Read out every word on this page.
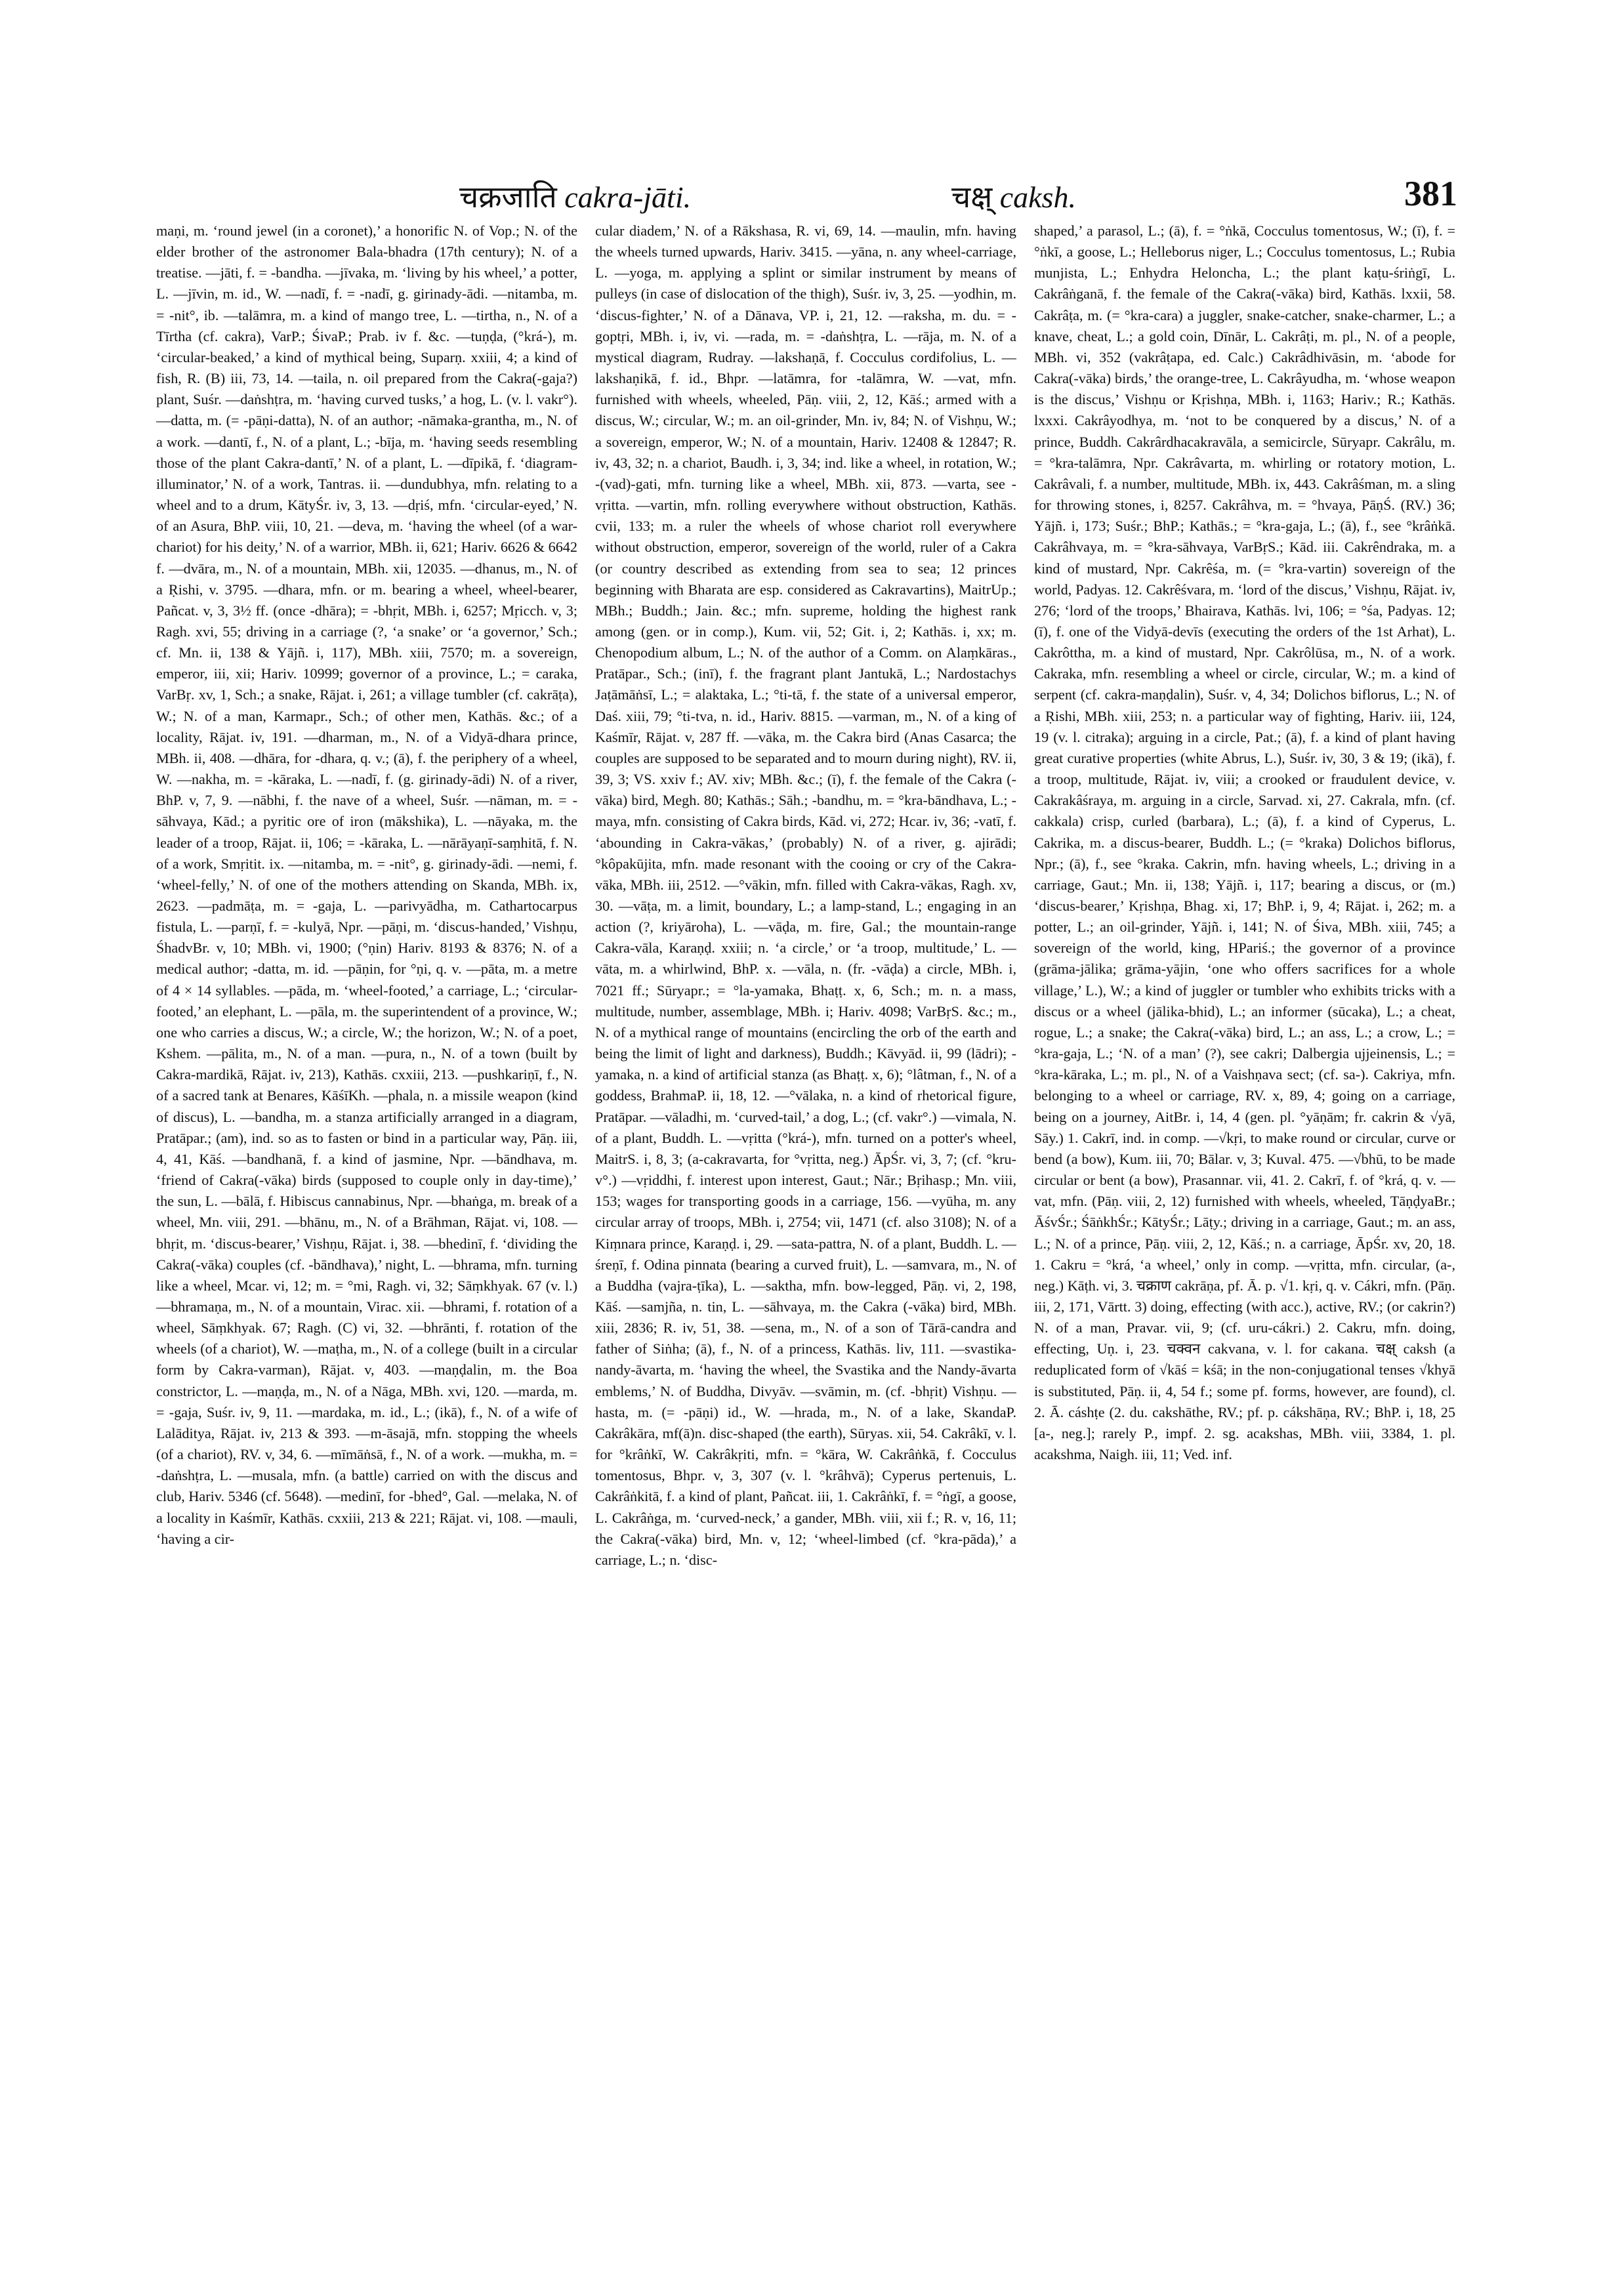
चक्रजाति cakra-jāti.	चक्ष् caksh.	381

maṇi, m. ‘round jewel (in a coronet),’ a honorific N. of Vop.; N. of the elder brother of the astronomer Bala-bhadra (17th century); N. of a treatise. —jāti, f. = -bandha. —jīvaka, m. ‘living by his wheel,’ a potter, L. —jīvin, m. id., W. —nadī, f. = -nadī, g. girinady-ādi. —nitamba, m. = -nit°, ib. —talāmra, m. a kind of mango tree, L. —tirtha, n., N. of a Tīrtha (cf. cakra), VarP.; ŚivaP.; Prab. iv f. &c. —tuṇḍa, (°krá-), m. ‘circular-beaked,’ a kind of mythical being, Suparṇ. xxiii, 4; a kind of fish, R. (B) iii, 73, 14. —taila, n. oil prepared from the Cakra(-gaja?) plant, Suśr. —daṅshṭra, m. ‘having curved tusks,’ a hog, L. (v. l. vakr°). —datta, m. (= -pāṇi-datta), N. of an author; -nāmaka-grantha, m., N. of a work. —dantī, f., N. of a plant, L.; -bīja, m. ‘having seeds resembling those of the plant Cakra-dantī,’ N. of a plant, L. —dīpikā, f. ‘diagram-illuminator,’ N. of a work, Tantras. ii. —dundubhya, mfn. relating to a wheel and to a drum, KātyŚr. iv, 3, 13. —dṛiś, mfn. ‘circular-eyed,’ N. of an Asura, BhP. viii, 10, 21. —deva, m. ‘having the wheel (of a war-chariot) for his deity,’ N. of a warrior, MBh. ii, 621; Hariv. 6626 & 6642 f. —dvāra, m., N. of a mountain, MBh. xii, 12035. —dhanus, m., N. of a Ṛishi, v. 3795. —dhara, mfn. or m. bearing a wheel, wheel-bearer, Pañcat. v, 3, 3½ ff. (once -dhāra); = -bhṛit, MBh. i, 6257; Mṛicch. v, 3; Ragh. xvi, 55; driving in a carriage (?, ‘a snake’ or ‘a governor,’ Sch.; cf. Mn. ii, 138 & Yājñ. i, 117), MBh. xiii, 7570; m. a sovereign, emperor, iii, xii; Hariv. 10999; governor of a province, L.; = caraka, VarBṛ. xv, 1, Sch.; a snake, Rājat. i, 261; a village tumbler (cf. cakrāṭa), W.; N. of a man, Karmapr., Sch.; of other men, Kathās. &c.; of a locality, Rājat. iv, 191. —dharman, m., N. of a Vidyā-dhara prince, MBh. ii, 408. —dhāra, for -dhara, q. v.; (ā), f. the periphery of a wheel, W. —nakha, m. = -kāraka, L. —nadī, f. (g. girinady-ādi) N. of a river, BhP. v, 7, 9. —nābhi, f. the nave of a wheel, Suśr. —nāman, m. = -sāhvaya, Kād.; a pyritic ore of iron (mākshika), L. —nāyaka, m. the leader of a troop, Rājat. ii, 106; = -kāraka, L. —nārāyaṇī-saṃhitā, f. N. of a work, Smṛitit. ix. —nitamba, m. = -nit°, g. girinady-ādi. —nemi, f. ‘wheel-felly,’ N. of one of the mothers attending on Skanda, MBh. ix, 2623. —padmāṭa, m. = -gaja, L. —parivyādha, m. Cathartocarpus fistula, L. —parṇī, f. = -kulyā, Npr. —pāṇi, m. ‘discus-handed,’ Vishṇu, ŚhadvBr. v, 10; MBh. vi, 1900; (°ṇin) Hariv. 8193 & 8376; N. of a medical author; -datta, m. id. —pāṇin, for °ṇi, q. v. —pāta, m. a metre of 4 × 14 syllables. —pāda, m. ‘wheel-footed,’ a carriage, L.; ‘circular-footed,’ an elephant, L. —pāla, m. the superintendent of a province, W.; one who carries a discus, W.; a circle, W.; the horizon, W.; N. of a poet, Kshem. —pālita, m., N. of a man. —pura, n., N. of a town (built by Cakra-mardikā, Rājat. iv, 213), Kathās. cxxiii, 213. —pushkariṇī, f., N. of a sacred tank at Benares, KāśīKh. —phala, n. a missile weapon (kind of discus), L. —bandha, m. a stanza artificially arranged in a diagram, Pratāpar.; (am), ind. so as to fasten or bind in a particular way, Pāṇ. iii, 4, 41, Kāś. —bandhanā, f. a kind of jasmine, Npr. —bāndhava, m. ‘friend of Cakra(-vāka) birds (supposed to couple only in day-time),’ the sun, L. —bālā, f. Hibiscus cannabinus, Npr. —bhaṅga, m. break of a wheel, Mn. viii, 291. —bhānu, m., N. of a Brāhman, Rājat. vi, 108. —bhṛit, m. ‘discus-bearer,’ Vishṇu, Rājat. i, 38. —bhedinī, f. ‘dividing the Cakra(-vāka) couples (cf. -bāndhava),’ night, L. —bhrama, mfn. turning like a wheel, Mcar. vi, 12; m. = °mi, Ragh. vi, 32; Sāṃkhyak. 67 (v. l.) —bhramaṇa, m., N. of a mountain, Virac. xii. —bhrami, f. rotation of a wheel, Sāṃkhyak. 67; Ragh. (C) vi, 32. —bhrānti, f. rotation of the wheels (of a chariot), W. —maṭha, m., N. of a college (built in a circular form by Cakra-varman), Rājat. v, 403. —maṇḍalin, m. the Boa constrictor, L. —maṇḍa, m., N. of a Nāga, MBh. xvi, 120. —marda, m. = -gaja, Suśr. iv, 9, 11. —mardaka, m. id., L.; (ikā), f., N. of a wife of Lalāditya, Rājat. iv, 213 & 393. —m-āsajā, mfn. stopping the wheels (of a chariot), RV. v, 34, 6. —mīmāṅsā, f., N. of a work. —mukha, m. = -daṅshṭra, L. —musala, mfn. (a battle) carried on with the discus and club, Hariv. 5346 (cf. 5648). —medinī, for -bhed°, Gal. —melaka, N. of a locality in Kaśmīr, Kathās. cxxiii, 213 & 221; Rājat. vi, 108. —mauli, ‘having a cir-

cular diadem,’ N. of a Rākshasa, R. vi, 69, 14. —maulin, mfn. having the wheels turned upwards, Hariv. 3415. —yāna, n. any wheel-carriage, L. —yoga, m. applying a splint or similar instrument by means of pulleys (in case of dislocation of the thigh), Suśr. iv, 3, 25. —yodhin, m. ‘discus-fighter,’ N. of a Dānava, VP. i, 21, 12. —raksha, m. du. = -goptṛi, MBh. i, iv, vi. —rada, m. = -daṅshṭra, L. —rāja, m. N. of a mystical diagram, Rudray. —lakshaṇā, f. Cocculus cordifolius, L. —lakshaṇikā, f. id., Bhpr. —latāmra, for -talāmra, W. —vat, mfn. furnished with wheels, wheeled, Pāṇ. viii, 2, 12, Kāś.; armed with a discus, W.; circular, W.; m. an oil-grinder, Mn. iv, 84; N. of Vishṇu, W.; a sovereign, emperor, W.; N. of a mountain, Hariv. 12408 & 12847; R. iv, 43, 32; n. a chariot, Baudh. i, 3, 34; ind. like a wheel, in rotation, W.; -(vad)-gati, mfn. turning like a wheel, MBh. xii, 873. —varta, see -vṛitta. —vartin, mfn. rolling everywhere without obstruction, Kathās. cvii, 133; m. a ruler the wheels of whose chariot roll everywhere without obstruction, emperor, sovereign of the world, ruler of a Cakra (or country described as extending from sea to sea; 12 princes beginning with Bharata are esp. considered as Cakravartins), MaitrUp.; MBh.; Buddh.; Jain. &c.; mfn. supreme, holding the highest rank among (gen. or in comp.), Kum. vii, 52; Git. i, 2; Kathās. i, xx; m. Chenopodium album, L.; N. of the author of a Comm. on Alaṃkāras., Pratāpar., Sch.; (inī), f. the fragrant plant Jantukā, L.; Nardostachys Jaṭāmāṅsī, L.; = alaktaka, L.; °ti-tā, f. the state of a universal emperor, Daś. xiii, 79; °ti-tva, n. id., Hariv. 8815. —varman, m., N. of a king of Kaśmīr, Rājat. v, 287 ff. —vāka, m. the Cakra bird (Anas Casarca; the couples are supposed to be separated and to mourn during night), RV. ii, 39, 3; VS. xxiv f.; AV. xiv; MBh. &c.; (ī), f. the female of the Cakra (-vāka) bird, Megh. 80; Kathās.; Sāh.; -bandhu, m. = °kra-bāndhava, L.; -maya, mfn. consisting of Cakra birds, Kād. vi, 272; Hcar. iv, 36; -vatī, f. ‘abounding in Cakra-vākas,’ (probably) N. of a river, g. ajirādi; °kôpakūjita, mfn. made resonant with the cooing or cry of the Cakra-vāka, MBh. iii, 2512. —°vākin, mfn. filled with Cakra-vākas, Ragh. xv, 30. —vāṭa, m. a limit, boundary, L.; a lamp-stand, L.; engaging in an action (?, kriyāroha), L. —vāḍa, m. fire, Gal.; the mountain-range Cakra-vāla, Karaṇḍ. xxiii; n. ‘a circle,’ or ‘a troop, multitude,’ L. —vāta, m. a whirlwind, BhP. x. —vāla, n. (fr. -vāḍa) a circle, MBh. i, 7021 ff.; Sūryapr.; = °la-yamaka, Bhaṭṭ. x, 6, Sch.; m. n. a mass, multitude, number, assemblage, MBh. i; Hariv. 4098; VarBṛS. &c.; m., N. of a mythical range of mountains (encircling the orb of the earth and being the limit of light and darkness), Buddh.; Kāvyād. ii, 99 (lādri); -yamaka, n. a kind of artificial stanza (as Bhaṭṭ. x, 6); °lâtman, f., N. of a goddess, BrahmaP. ii, 18, 12. —°vālaka, n. a kind of rhetorical figure, Pratāpar. —vāladhi, m. ‘curved-tail,’ a dog, L.; (cf. vakr°.) —vimala, N. of a plant, Buddh. L. —vṛitta (°krá-), mfn. turned on a potter's wheel, MaitrS. i, 8, 3; (a-cakravarta, for °vṛitta, neg.) ĀpŚr. vi, 3, 7; (cf. °kru-v°.) —vṛiddhi, f. interest upon interest, Gaut.; Nār.; Bṛihasp.; Mn. viii, 153; wages for transporting goods in a carriage, 156. —vyūha, m. any circular array of troops, MBh. i, 2754; vii, 1471 (cf. also 3108); N. of a Kiṃnara prince, Karaṇḍ. i, 29. —sata-pattra, N. of a plant, Buddh. L. —śreṇī, f. Odina pinnata (bearing a curved fruit), L. —samvara, m., N. of a Buddha (vajra-ṭīka), L. —saktha, mfn. bow-legged, Pāṇ. vi, 2, 198, Kāś. —samjña, n. tin, L. —sāhvaya, m. the Cakra (-vāka) bird, MBh. xiii, 2836; R. iv, 51, 38. —sena, m., N. of a son of Tārā-candra and father of Siṅha; (ā), f., N. of a princess, Kathās. liv, 111. —svastika-nandy-āvarta, m. ‘having the wheel, the Svastika and the Nandy-āvarta emblems,’ N. of Buddha, Divyāv. —svāmin, m. (cf. -bhṛit) Vishṇu. —hasta, m. (= -pāṇi) id., W. —hrada, m., N. of a lake, SkandaP. Cakrâkāra, mf(ā)n. disc-shaped (the earth), Sūryas. xii, 54. Cakrâkī, v. l. for °krâṅkī, W. Cakrâkṛiti, mfn. = °kāra, W. Cakrâṅkā, f. Cocculus tomentosus, Bhpr. v, 3, 307 (v. l. °krâhvā); Cyperus pertenuis, L. Cakrâṅkitā, f. a kind of plant, Pañcat. iii, 1. Cakrâṅkī, f. = °ṅgī, a goose, L. Cakrâṅga, m. ‘curved-neck,’ a gander, MBh. viii, xii f.; R. v, 16, 11; the Cakra(-vāka) bird, Mn. v, 12; ‘wheel-limbed (cf. °kra-pāda),’ a carriage, L.; n. ‘disc-

shaped,’ a parasol, L.; (ā), f. = °ṅkā, Cocculus tomentosus, W.; (ī), f. = °ṅkī, a goose, L.; Helleborus niger, L.; Cocculus tomentosus, L.; Rubia munjista, L.; Enhydra Heloncha, L.; the plant kaṭu-śriṅgī, L. Cakrâṅganā, f. the female of the Cakra(-vāka) bird, Kathās. lxxii, 58. Cakrâṭa, m. (= °kra-cara) a juggler, snake-catcher, snake-charmer, L.; a knave, cheat, L.; a gold coin, Dīnār, L. Cakrâṭi, m. pl., N. of a people, MBh. vi, 352 (vakrâṭapa, ed. Calc.) Cakrâdhivāsin, m. ‘abode for Cakra(-vāka) birds,’ the orange-tree, L. Cakrâyudha, m. ‘whose weapon is the discus,’ Vishṇu or Kṛishṇa, MBh. i, 1163; Hariv.; R.; Kathās. lxxxi. Cakrâyodhya, m. ‘not to be conquered by a discus,’ N. of a prince, Buddh. Cakrârdhacakravāla, a semicircle, Sūryapr. Cakrâlu, m. = °kra-talāmra, Npr. Cakrâvarta, m. whirling or rotatory motion, L. Cakrâvali, f. a number, multitude, MBh. ix, 443. Cakrâśman, m. a sling for throwing stones, i, 8257. Cakrâhva, m. = °hvaya, PāṇŚ. (RV.) 36; Yājñ. i, 173; Suśr.; BhP.; Kathās.; = °kra-gaja, L.; (ā), f., see °krâṅkā. Cakrâhvaya, m. = °kra-sāhvaya, VarBṛS.; Kād. iii. Cakrêndraka, m. a kind of mustard, Npr. Cakrêśa, m. (= °kra-vartin) sovereign of the world, Padyas. 12. Cakrêśvara, m. ‘lord of the discus,’ Vishṇu, Rājat. iv, 276; ‘lord of the troops,’ Bhairava, Kathās. lvi, 106; = °śa, Padyas. 12; (ī), f. one of the Vidyā-devīs (executing the orders of the 1st Arhat), L. Cakrôttha, m. a kind of mustard, Npr. Cakrôlūsa, m., N. of a work. Cakraka, mfn. resembling a wheel or circle, circular, W.; m. a kind of serpent (cf. cakra-maṇḍalin), Suśr. v, 4, 34; Dolichos biflorus, L.; N. of a Ṛishi, MBh. xiii, 253; n. a particular way of fighting, Hariv. iii, 124, 19 (v. l. citraka); arguing in a circle, Pat.; (ā), f. a kind of plant having great curative properties (white Abrus, L.), Suśr. iv, 30, 3 & 19; (ikā), f. a troop, multitude, Rājat. iv, viii; a crooked or fraudulent device, v. Cakrakâśraya, m. arguing in a circle, Sarvad. xi, 27. Cakrala, mfn. (cf. cakkala) crisp, curled (barbara), L.; (ā), f. a kind of Cyperus, L. Cakrika, m. a discus-bearer, Buddh. L.; (= °kraka) Dolichos biflorus, Npr.; (ā), f., see °kraka. Cakrin, mfn. having wheels, L.; driving in a carriage, Gaut.; Mn. ii, 138; Yājñ. i, 117; bearing a discus, or (m.) ‘discus-bearer,’ Kṛishṇa, Bhag. xi, 17; BhP. i, 9, 4; Rājat. i, 262; m. a potter, L.; an oil-grinder, Yājñ. i, 141; N. of Śiva, MBh. xiii, 745; a sovereign of the world, king, HPariś.; the governor of a province (grāma-jālika; grāma-yājin, ‘one who offers sacrifices for a whole village,’ L.), W.; a kind of juggler or tumbler who exhibits tricks with a discus or a wheel (jālika-bhid), L.; an informer (sūcaka), L.; a cheat, rogue, L.; a snake; the Cakra(-vāka) bird, L.; an ass, L.; a crow, L.; = °kra-gaja, L.; ‘N. of a man’ (?), see cakri; Dalbergia ujjeinensis, L.; = °kra-kāraka, L.; m. pl., N. of a Vaishṇava sect; (cf. sa-). Cakriya, mfn. belonging to a wheel or carriage, RV. x, 89, 4; going on a carriage, being on a journey, AitBr. i, 14, 4 (gen. pl. °yāṇām; fr. cakrin & √yā, Sāy.) 1. Cakrī, ind. in comp. —√kṛi, to make round or circular, curve or bend (a bow), Kum. iii, 70; Bālar. v, 3; Kuval. 475. —√bhū, to be made circular or bent (a bow), Prasannar. vii, 41. 2. Cakrī, f. of °krá, q. v. —vat, mfn. (Pāṇ. viii, 2, 12) furnished with wheels, wheeled, TāṇḍyaBr.; ĀśvŚr.; ŚāṅkhŚr.; KātyŚr.; Lāṭy.; driving in a carriage, Gaut.; m. an ass, L.; N. of a prince, Pāṇ. viii, 2, 12, Kāś.; n. a carriage, ĀpŚr. xv, 20, 18. 1. Cakru = °krá, ‘a wheel,’ only in comp. —vṛitta, mfn. circular, (a-, neg.) Kāṭh. vi, 3. चक्राण cakrāṇa, pf. Ā. p. √1. kṛi, q. v. Cákri, mfn. (Pāṇ. iii, 2, 171, Vārtt. 3) doing, effecting (with acc.), active, RV.; (or cakrin?) N. of a man, Pravar. vii, 9; (cf. uru-cákri.) 2. Cakru, mfn. doing, effecting, Uṇ. i, 23. चक्वन cakvana, v. l. for cakana. चक्ष् caksh (a reduplicated form of √kāś = kśā; in the non-conjugational tenses √khyā is substituted, Pāṇ. ii, 4, 54 f.; some pf. forms, however, are found), cl. 2. Ā. cáshṭe (2. du. cakshāthe, RV.; pf. p. cákshāṇa, RV.; BhP. i, 18, 25 [a-, neg.]; rarely P., impf. 2. sg. acakshas, MBh. viii, 3384, 1. pl. acakshma, Naigh. iii, 11; Ved. inf.
